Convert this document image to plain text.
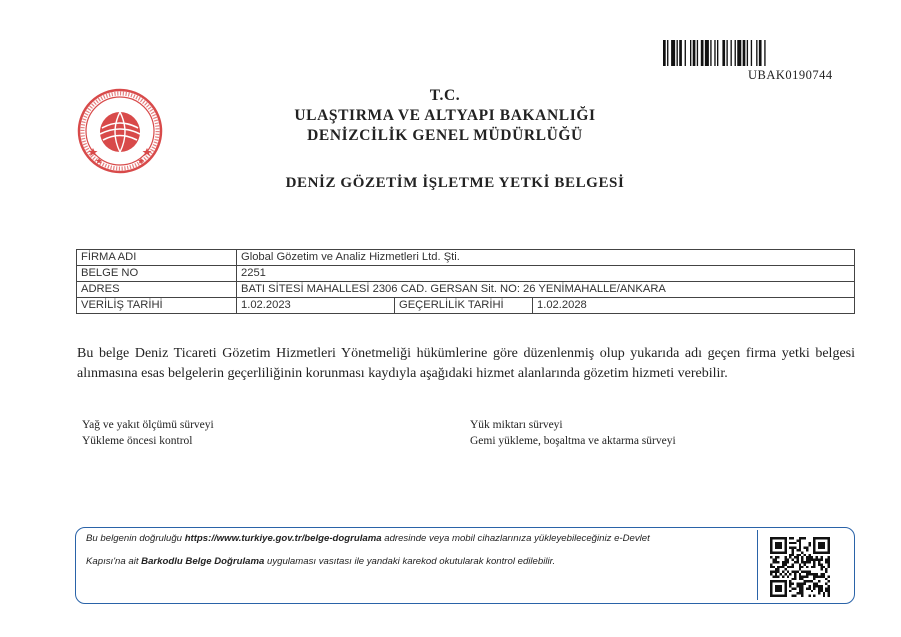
UBAK0190744
T.C.
ULAŞTIRMA VE ALTYAPI BAKANLIĞI
DENİZCİLİK GENEL MÜDÜRLÜĞÜ
DENİZ GÖZETİM İŞLETME YETKİ BELGESİ
FİRMA ADI	Global Gözetim ve Analiz Hizmetleri Ltd. Şti.		
BELGE NO	2251		
ADRES	BATI SİTESİ MAHALLESİ 2306 CAD. GERSAN Sit. NO: 26 YENİMAHALLE/ANKARA		
VERİLİŞ TARİHİ	1.02.2023	GEÇERLİLİK TARİHİ	1.02.2028
Bu belge Deniz Ticareti Gözetim Hizmetleri Yönetmeliği hükümlerine göre düzenlenmiş olup yukarıda adı geçen firma yetki belgesi alınmasına esas belgelerin geçerliliğinin korunması kaydıyla aşağıdaki hizmet alanlarında gözetim hizmeti verebilir.
Yağ ve yakıt ölçümü sürveyi
Yükleme öncesi kontrol
Yük miktarı sürveyi
Gemi yükleme, boşaltma ve aktarma sürveyi
Bu belgenin doğruluğu https://www.turkiye.gov.tr/belge-dogrulama adresinde veya mobil cihazlarınıza yükleyebileceğiniz e-Devlet
Kapısı'na ait Barkodlu Belge Doğrulama uygulaması vasıtası ile yandaki karekod okutularak kontrol edilebilir.
